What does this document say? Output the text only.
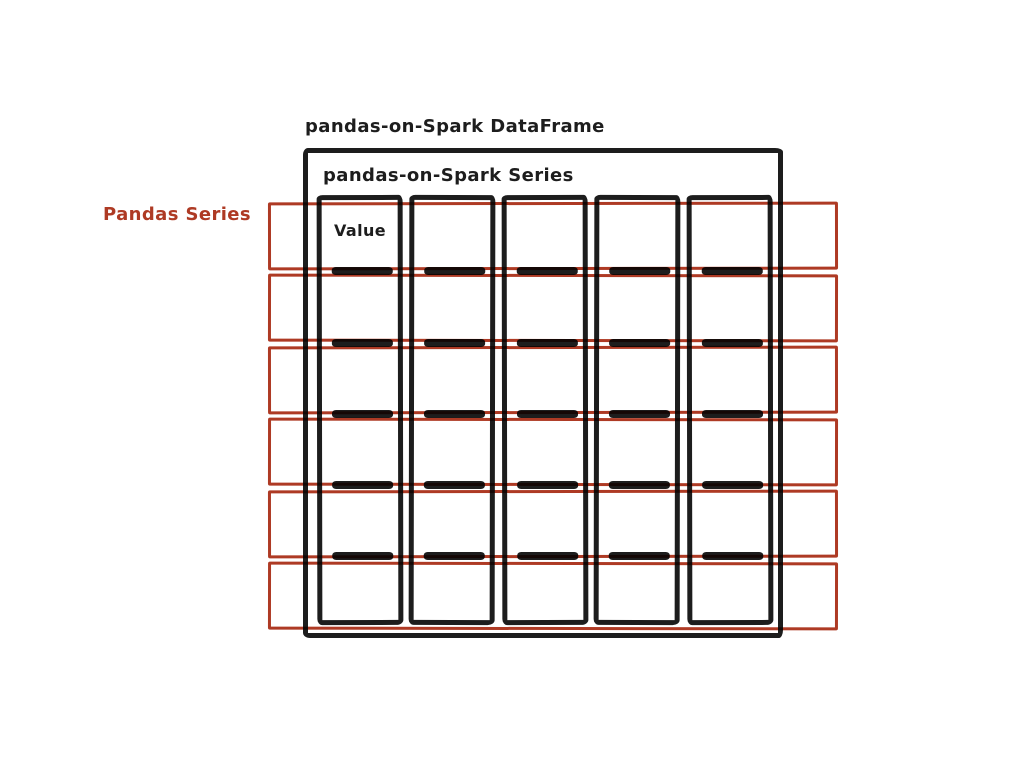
pandas-on-Spark DataFrame
pandas-on-Spark Series
Value
Pandas Series
